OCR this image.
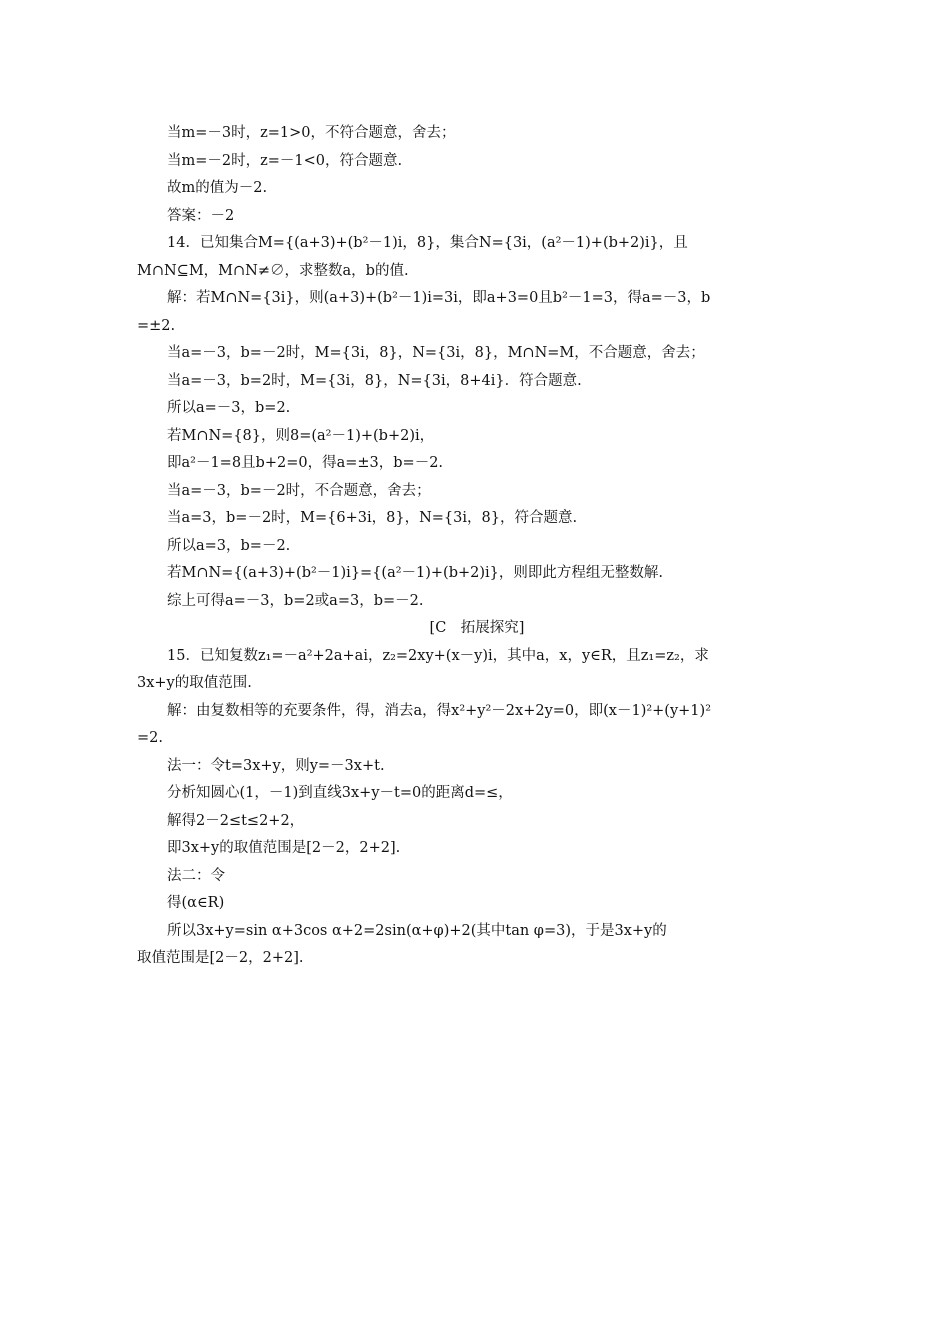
当m=－3时，z=1>0，不符合题意，舍去；
当m=－2时，z=－1<0，符合题意.
故m的值为－2.
答案：－2
14．已知集合M={(a+3)+(b²－1)i，8}，集合N={3i，(a²－1)+(b+2)i}，且
M∩N⊆M，M∩N≠∅，求整数a，b的值.
解：若M∩N={3i}，则(a+3)+(b²－1)i=3i，即a+3=0且b²－1=3，得a=－3，b
=±2.
当a=－3，b=－2时，M={3i，8}，N={3i，8}，M∩N=M，不合题意，舍去；
当a=－3，b=2时，M={3i，8}，N={3i，8+4i}．符合题意.
所以a=－3，b=2.
若M∩N={8}，则8=(a²－1)+(b+2)i，
即a²－1=8且b+2=0，得a=±3，b=－2.
当a=－3，b=－2时，不合题意，舍去；
当a=3，b=－2时，M={6+3i，8}，N={3i，8}，符合题意.
所以a=3，b=－2.
若M∩N={(a+3)+(b²－1)i}={(a²－1)+(b+2)i}，则即此方程组无整数解.
综上可得a=－3，b=2或a=3，b=－2.
[C　拓展探究]
15．已知复数z₁=－a²+2a+ai，z₂=2xy+(x－y)i，其中a，x，y∈R，且z₁=z₂，求
3x+y的取值范围.
解：由复数相等的充要条件，得，消去a，得x²+y²－2x+2y=0，即(x－1)²+(y+1)²
=2.
法一：令t=3x+y，则y=－3x+t.
分析知圆心(1，－1)到直线3x+y－t=0的距离d=≤，
解得2－2≤t≤2+2，
即3x+y的取值范围是[2－2，2+2].
法二：令
得(α∈R)
所以3x+y=sin α+3cos α+2=2sin(α+φ)+2(其中tan φ=3)，于是3x+y的
取值范围是[2－2，2+2].
